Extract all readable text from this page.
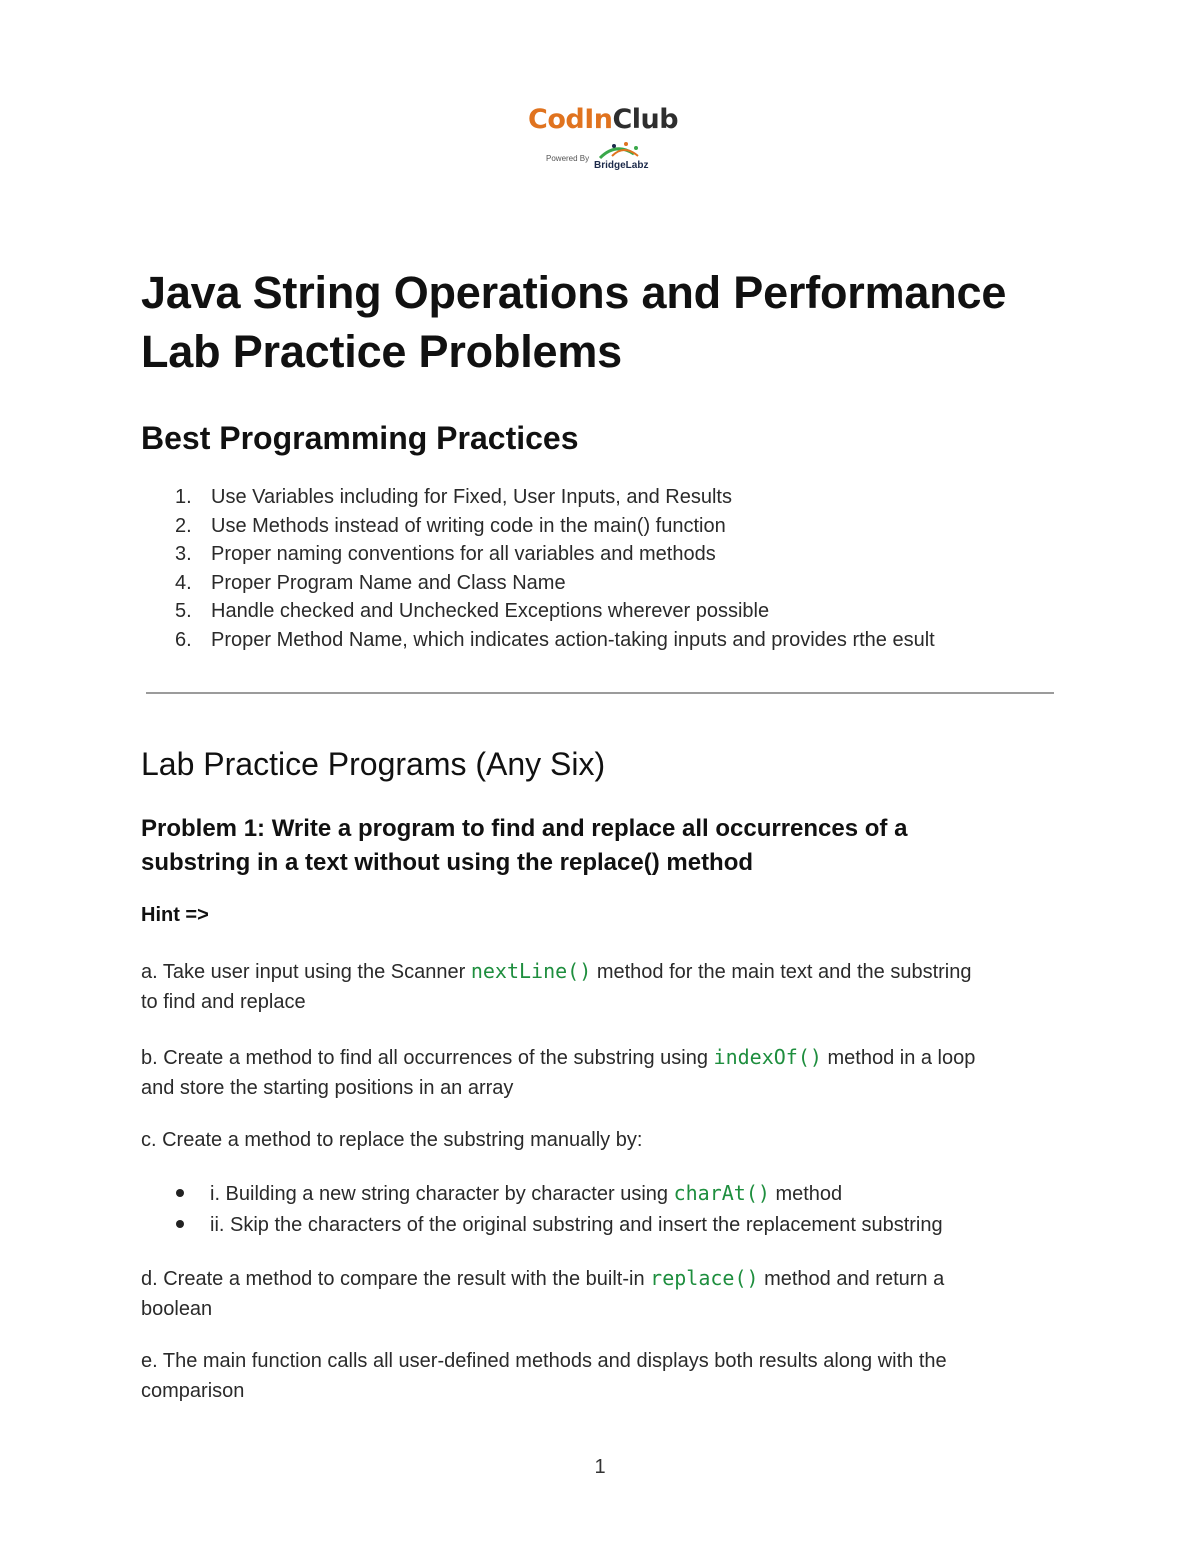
CodInClub
Powered By
BridgeLabz
Java String Operations and Performance
Lab Practice Problems
Best Programming Practices
1. Use Variables including for Fixed, User Inputs, and Results
2. Use Methods instead of writing code in the main() function
3. Proper naming conventions for all variables and methods
4. Proper Program Name and Class Name
5. Handle checked and Unchecked Exceptions wherever possible
6. Proper Method Name, which indicates action-taking inputs and provides rthe esult
Lab Practice Programs (Any Six)
Problem 1: Write a program to find and replace all occurrences of a
substring in a text without using the replace() method

Hint =>

a. Take user input using the Scanner nextLine() method for the main text and the substring
to find and replace

b. Create a method to find all occurrences of the substring using indexOf() method in a loop
and store the starting positions in an array

c. Create a method to replace the substring manually by:

i. Building a new string character by character using charAt() method
ii. Skip the characters of the original substring and insert the replacement substring

d. Create a method to compare the result with the built-in replace() method and return a
boolean

e. The main function calls all user-defined methods and displays both results along with the
comparison

1
